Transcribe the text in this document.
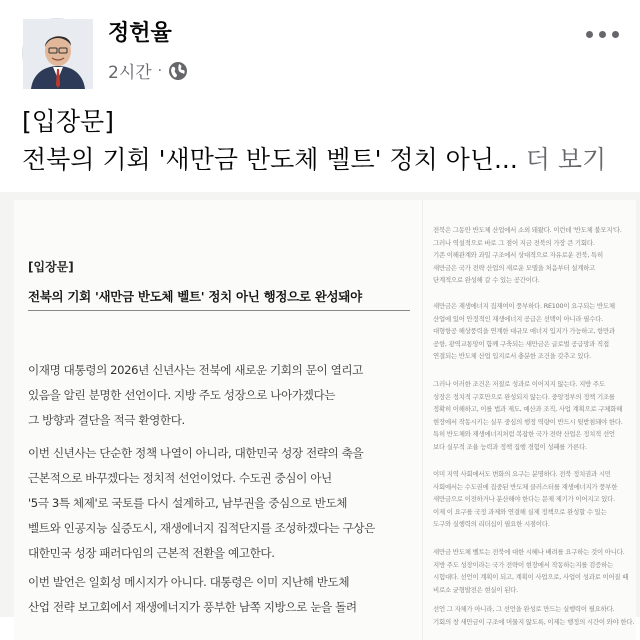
정헌율
2시간 ·
[입장문]
전북의 기회 '새만금 반도체 벨트' 정치 아닌... 더 보기
[입장문]
전북의 기회 '새만금 반도체 벨트' 정치 아닌 행정으로 완성돼야
이재명 대통령의 2026년 신년사는 전북에 새로운 기회의 문이 열리고
있음을 알린 분명한 선언이다. 지방 주도 성장으로 나아가겠다는
그 방향과 결단을 적극 환영한다.
이번 신년사는 단순한 정책 나열이 아니라, 대한민국 성장 전략의 축을
근본적으로 바꾸겠다는 정치적 선언이었다. 수도권 중심이 아닌
'5극 3특 체제'로 국토를 다시 설계하고, 남부권을 중심으로 반도체
벨트와 인공지능 실증도시, 재생에너지 집적단지를 조성하겠다는 구상은
대한민국 성장 패러다임의 근본적 전환을 예고한다.
이번 발언은 일회성 메시지가 아니다. 대통령은 이미 지난해 반도체
산업 전략 보고회에서 재생에너지가 풍부한 남쪽 지방으로 눈을 돌려
전북은 그동안 반도체 산업에서 소외 돼왔다. 이런데 '반도체 불모지'다.
그러나 역설적으로 바로 그 점이 지금 전북의 가장 큰 기회다.
기존 이해관계와 과밀 구조에서 상대적으로 자유로운 전북, 특히
새만금은 국가 전략 산업의 새로운 모델을 처음부터 설계하고
단계적으로 완성해 갈 수 있는 공간이다.
새만금은 재생에너지 집재여이 풍부하다. RE100이 요구되는 반도체
산업에 있어 안정적인 재생에너지 공급은 선택이 아니라 필수다.
대형항공 해상풍력을 연계한 대규모 에너지 입지가 가능하고, 항만과
공항, 광역교통망이 함께 구축되는 새만금은 글로벌 공급망과 직접
연결되는 반도체 산업 입지로서 충분한 조건을 갖추고 있다.
그러나 이러한 조건은 저절로 성과로 이어지지 않는다. 지방 주도
성장은 정치적 구호만으로 완성되지 않는다. 중앙정부의 정책 기조를
정확히 이해하고, 이를 법과 제도, 예산과 조직, 사업 계획으로 구체화해
현장에서 작동시키는 실무 중심의 행정 역량이 반드시 뒷받침돼야 한다.
특히 반도체와 재생에너지처럼 복잡한 국가 전략 산업은 정치적 선언
보다 실무적 조율 능력과 정책 집행 경험이 성패를 가른다.
이미 지역 사회에서도 변화의 요구는 분명하다. 전북 정치권과 시민
사회에서는 수도권에 집중된 반도체 클러스터를 재생에너지가 풍부한
새만금으로 이전하거나 분산해야 한다는 문제 제기가 이어지고 있다.
이제 이 요구를 국정 과제와 연결해 실제 정책으로 완성할 수 있는
도구와 실행력의 리더십이 필요한 시점이다.
새만금 반도체 벨트는 전북에 대한 시혜나 배려를 요구하는 것이 아니다.
지방 주도 성장이라는 국가 전략이 현장에서 작동하는지를 검증하는
시험대다. 선언이 계획이 되고, 계획이 사업으로, 사업이 성과로 이어질 때
비로소 균형발전은 현실이 된다.
선언 그 자체가 아니라, 그 선언을 완성로 만드는 실행력이 필요하다.
기회의 창 새만금이 구조에 머물지 않도록, 이제는 행정의 시간이 와야 한다.
